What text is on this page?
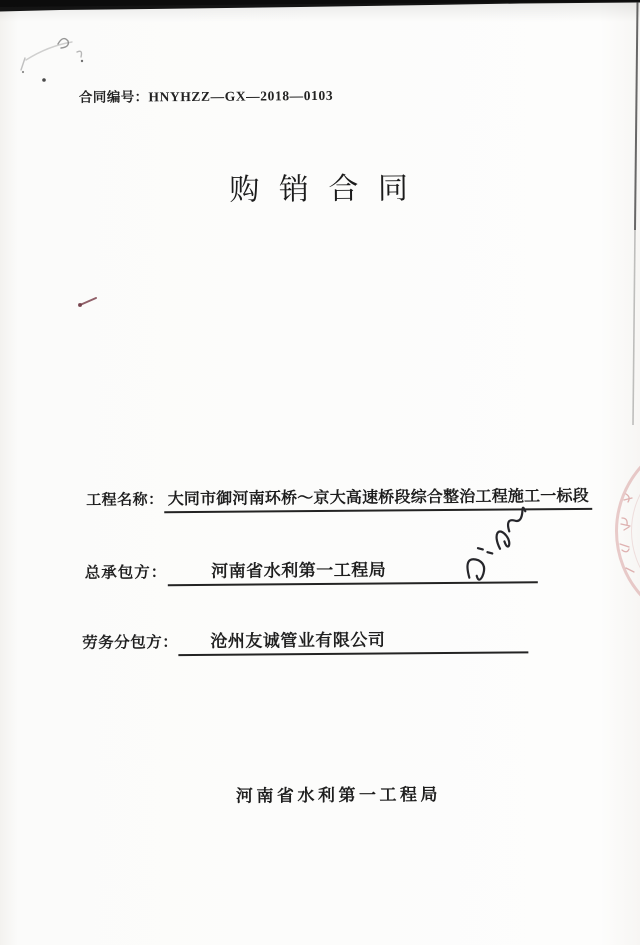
合同编号：HNYHZZ—GX—2018—0103
购 销 合 同
工程名称： 大同市御河南环桥～京大高速桥段综合整治工程施工一标段
总承包方：	河南省水利第一工程局
劳务分包方： 沧州友诚管业有限公司
河南省水利第一工程局
